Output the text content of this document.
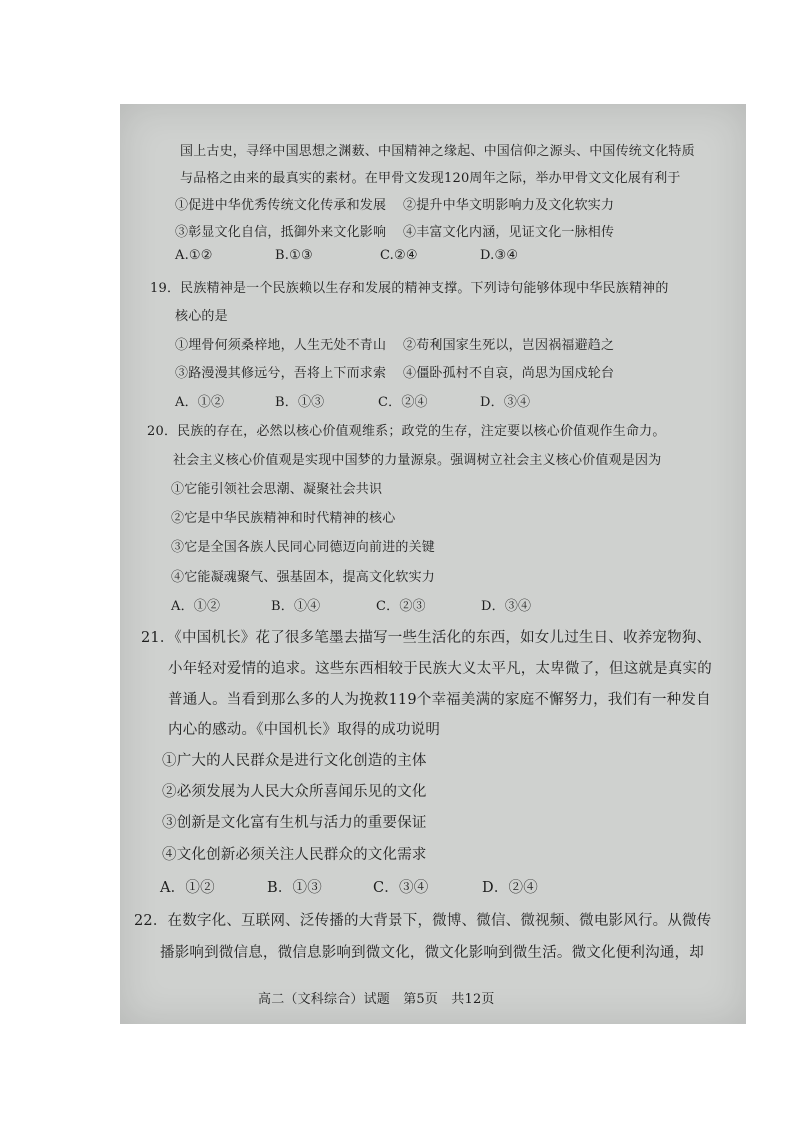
国上古史，寻绎中国思想之渊薮、中国精神之缘起、中国信仰之源头、中国传统文化特质
与品格之由来的最真实的素材。在甲骨文发现120周年之际，举办甲骨文文化展有利于
①促进中华优秀传统文化传承和发展 ②提升中华文明影响力及文化软实力
③彰显文化自信，抵御外来文化影响 ④丰富文化内涵，见证文化一脉相传
A.①②	B.①③	C.②④	D.③④
19．民族精神是一个民族赖以生存和发展的精神支撑。下列诗句能够体现中华民族精神的
核心的是
①埋骨何须桑梓地，人生无处不青山 ②苟利国家生死以，岂因祸福避趋之
③路漫漫其修远兮，吾将上下而求索 ④僵卧孤村不自哀，尚思为国戍轮台
A．①②	B．①③	C．②④	D．③④
20．民族的存在，必然以核心价值观维系；政党的生存，注定要以核心价值观作生命力。
社会主义核心价值观是实现中国梦的力量源泉。强调树立社会主义核心价值观是因为
①它能引领社会思潮、凝聚社会共识
②它是中华民族精神和时代精神的核心
③它是全国各族人民同心同德迈向前进的关键
④它能凝魂聚气、强基固本，提高文化软实力
A．①②	B．①④	C．②③	D．③④
21．《中国机长》花了很多笔墨去描写一些生活化的东西，如女儿过生日、收养宠物狗、
小年轻对爱情的追求。这些东西相较于民族大义太平凡，太卑微了，但这就是真实的
普通人。当看到那么多的人为挽救119个幸福美满的家庭不懈努力，我们有一种发自
内心的感动。《中国机长》取得的成功说明
①广大的人民群众是进行文化创造的主体
②必须发展为人民大众所喜闻乐见的文化
③创新是文化富有生机与活力的重要保证
④文化创新必须关注人民群众的文化需求
A．①②	B．①③	C．③④	D．②④
22．在数字化、互联网、泛传播的大背景下，微博、微信、微视频、微电影风行。从微传
播影响到微信息，微信息影响到微文化，微文化影响到微生活。微文化便利沟通，却
高二（文科综合）试题　第5页　共12页
